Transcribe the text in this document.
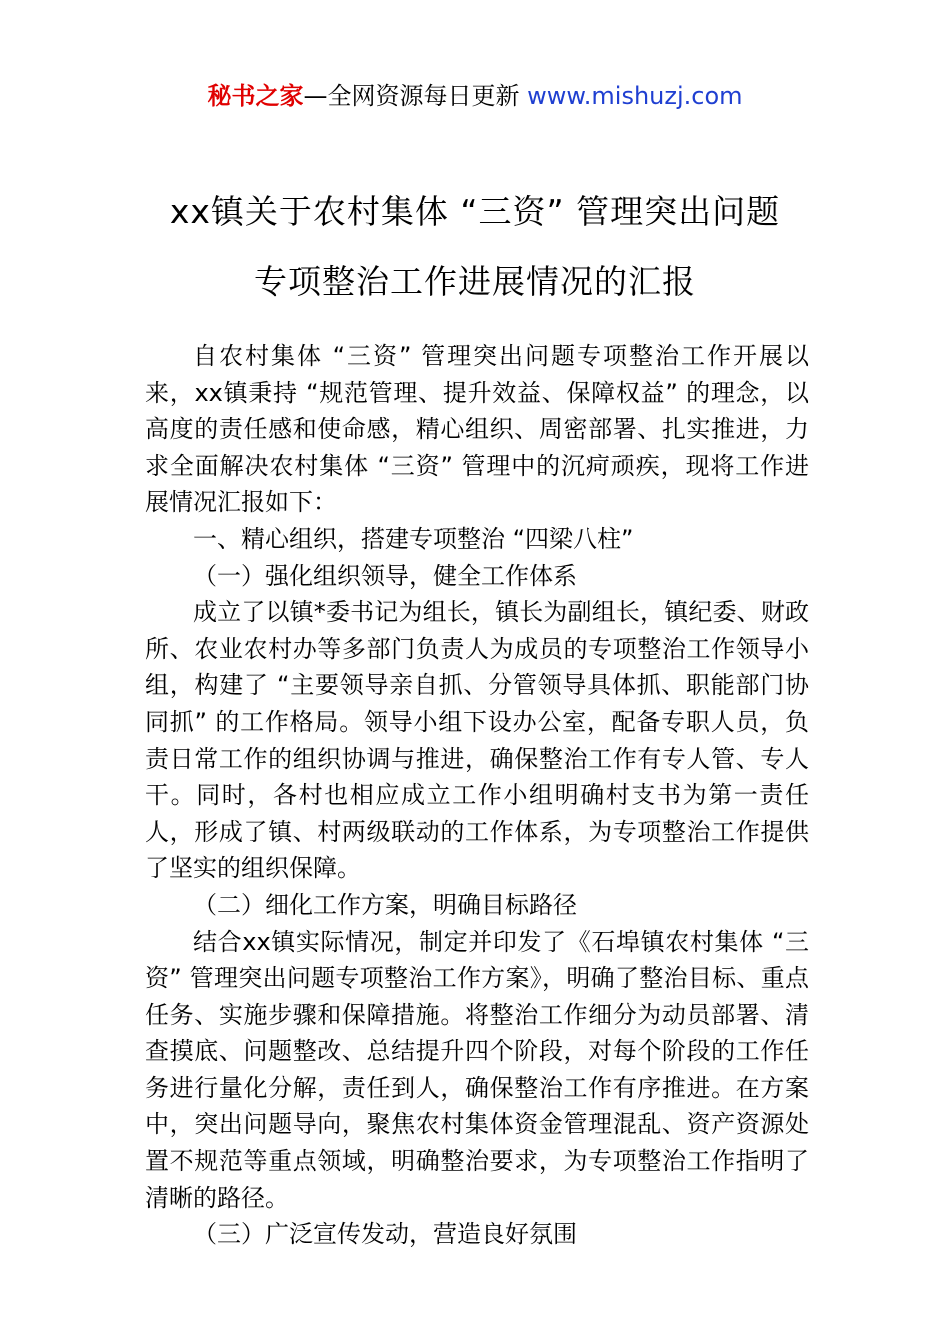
秘书之家—全网资源每日更新 www.mishuzj.com
xx镇关于农村集体 “三资” 管理突出问题
专项整治工作进展情况的汇报

自农村集体 “三资” 管理突出问题专项整治工作开展以来，xx镇秉持 “规范管理、提升效益、保障权益” 的理念，以高度的责任感和使命感，精心组织、周密部署、扎实推进，力求全面解决农村集体 “三资” 管理中的沉疴顽疾，现将工作进展情况汇报如下：

一、精心组织，搭建专项整治 “四梁八柱”

（一）强化组织领导，健全工作体系

成立了以镇*委书记为组长，镇长为副组长，镇纪委、财政所、农业农村办等多部门负责人为成员的专项整治工作领导小组，构建了 “主要领导亲自抓、分管领导具体抓、职能部门协同抓” 的工作格局。领导小组下设办公室，配备专职人员，负责日常工作的组织协调与推进，确保整治工作有专人管、专人干。同时，各村也相应成立工作小组明确村支书为第一责任人，形成了镇、村两级联动的工作体系，为专项整治工作提供了坚实的组织保障。

（二）细化工作方案，明确目标路径

结合xx镇实际情况，制定并印发了《石埠镇农村集体 “三资” 管理突出问题专项整治工作方案》，明确了整治目标、重点任务、实施步骤和保障措施。将整治工作细分为动员部署、清查摸底、问题整改、总结提升四个阶段，对每个阶段的工作任务进行量化分解，责任到人，确保整治工作有序推进。在方案中，突出问题导向，聚焦农村集体资金管理混乱、资产资源处置不规范等重点领域，明确整治要求，为专项整治工作指明了清晰的路径。

（三）广泛宣传发动，营造良好氛围
